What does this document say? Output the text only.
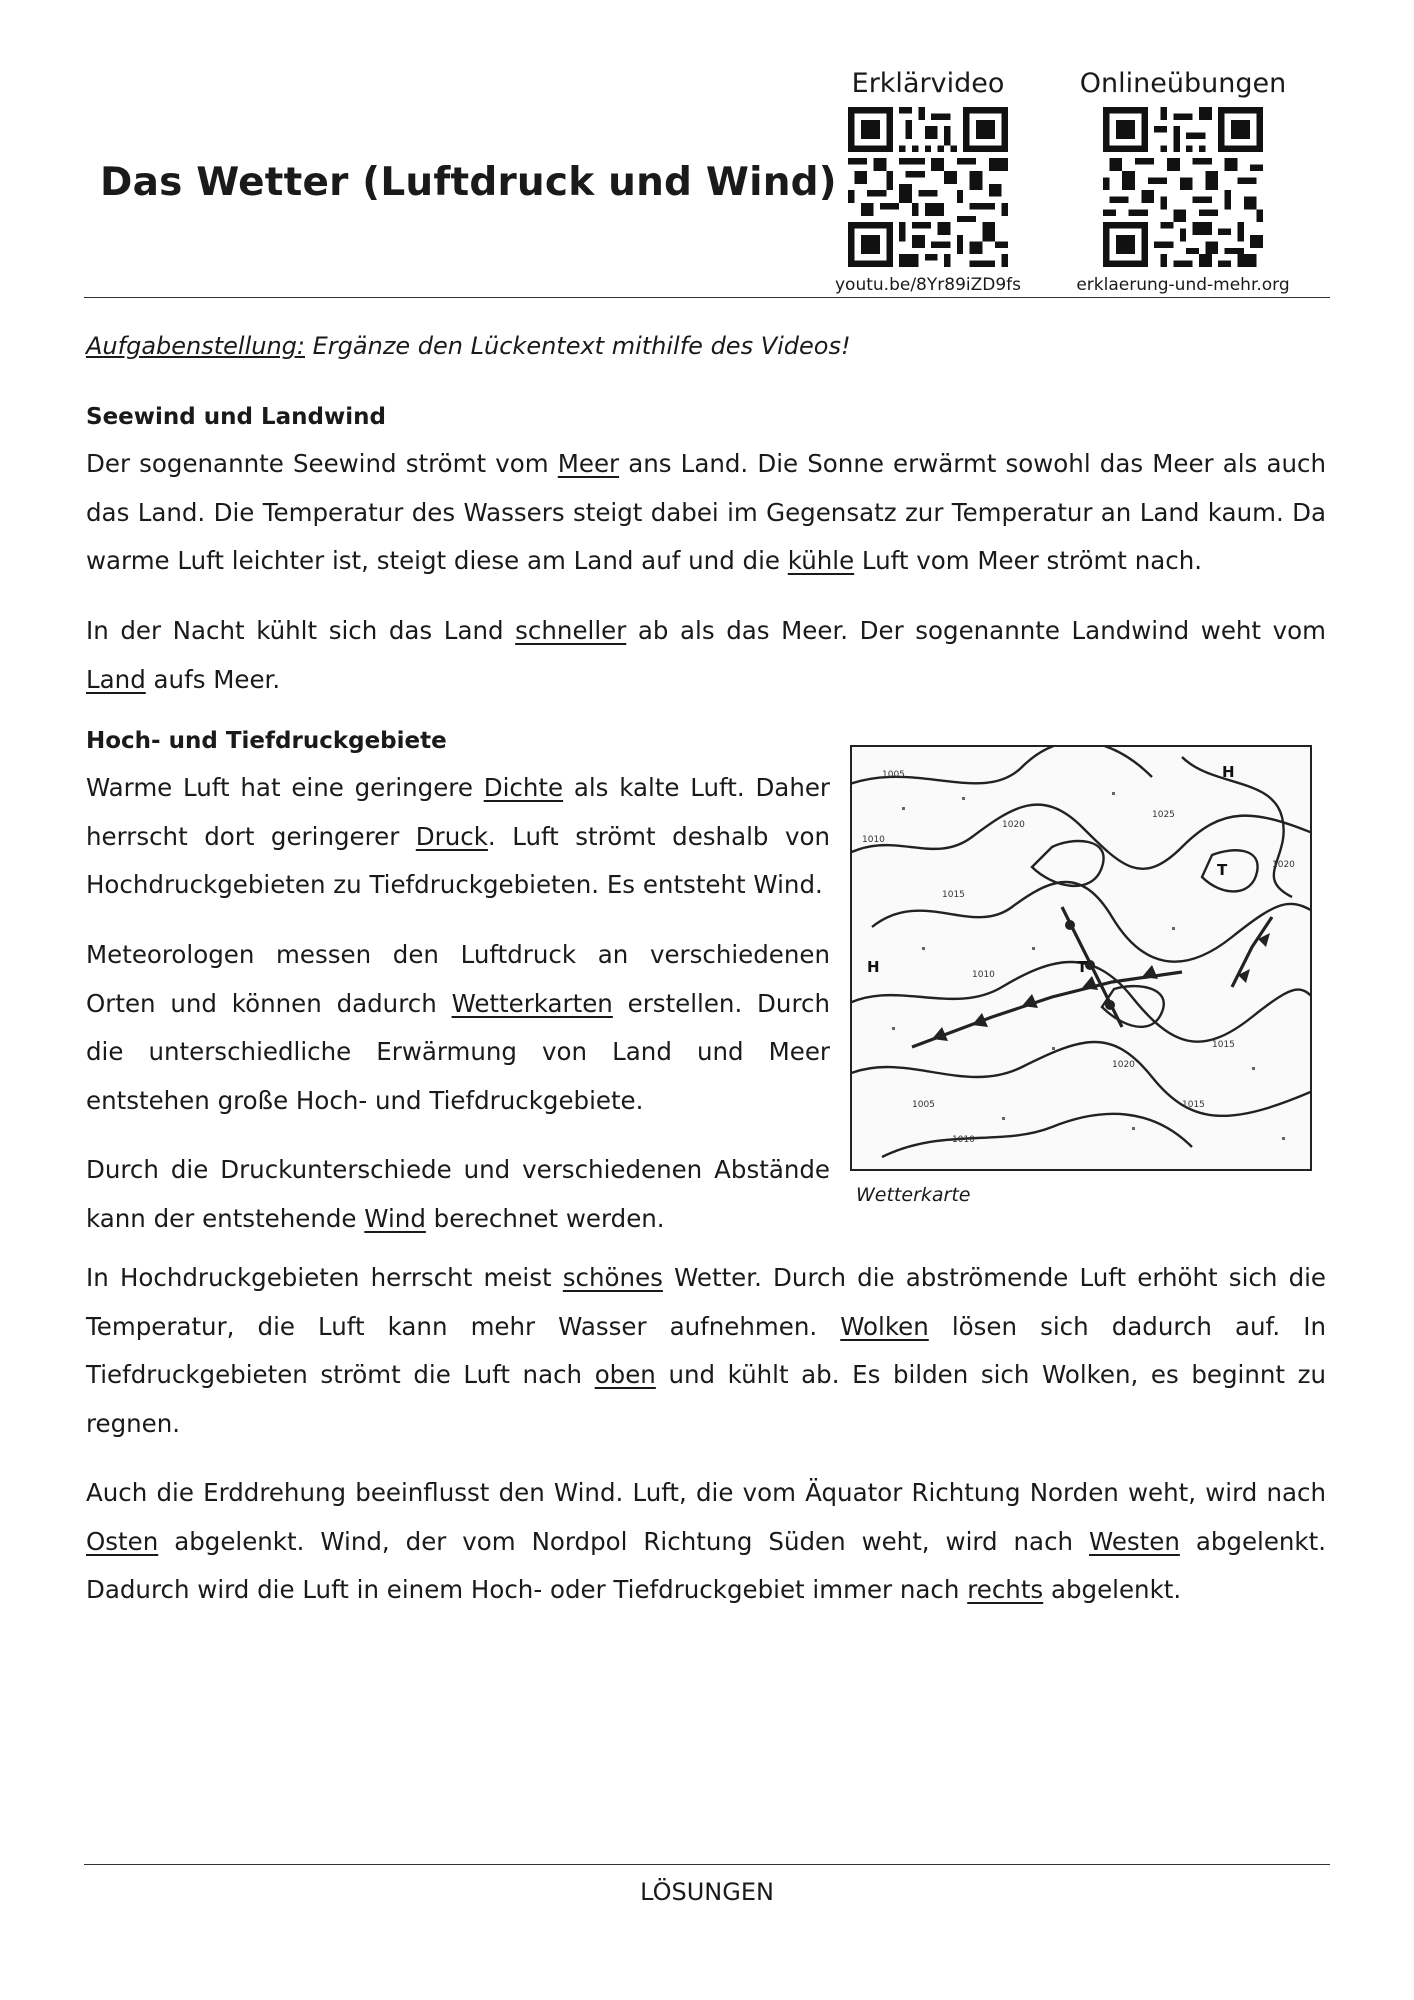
Das Wetter (Luftdruck und Wind)
Erklärvideo
youtu.be/8Yr89iZD9fs
Onlineübungen
erklaerung-und-mehr.org

Aufgabenstellung: Ergänze den Lückentext mithilfe des Videos!

Seewind und Landwind

Der sogenannte Seewind strömt vom Meer ans Land. Die Sonne erwärmt sowohl das Meer als auch das Land. Die Temperatur des Wassers steigt dabei im Gegensatz zur Temperatur an Land kaum. Da warme Luft leichter ist, steigt diese am Land auf und die kühle Luft vom Meer strömt nach.

In der Nacht kühlt sich das Land schneller ab als das Meer. Der sogenannte Landwind weht vom Land aufs Meer.

Hoch- und Tiefdruckgebiete

Warme Luft hat eine geringere Dichte als kalte Luft. Daher herrscht dort geringerer Druck. Luft strömt deshalb von Hochdruckgebieten zu Tiefdruckgebieten. Es entsteht Wind.

Meteorologen messen den Luftdruck an verschiedenen Orten und können dadurch Wetterkarten erstellen. Durch die unterschiedliche Erwärmung von Land und Meer entstehen große Hoch- und Tiefdruckgebiete.

Durch die Druckunterschiede und verschiedenen Abstände kann der entstehende Wind berechnet werden.

1005
1010
1015
1020
1025
1020
1015
1010
1005
1020
1015
1010
H
H
T
T

Wetterkarte

In Hochdruckgebieten herrscht meist schönes Wetter. Durch die abströmende Luft erhöht sich die Temperatur, die Luft kann mehr Wasser aufnehmen. Wolken lösen sich dadurch auf. In Tiefdruckgebieten strömt die Luft nach oben und kühlt ab. Es bilden sich Wolken, es beginnt zu regnen.

Auch die Erddrehung beeinflusst den Wind. Luft, die vom Äquator Richtung Norden weht, wird nach Osten abgelenkt. Wind, der vom Nordpol Richtung Süden weht, wird nach Westen abgelenkt. Dadurch wird die Luft in einem Hoch- oder Tiefdruckgebiet immer nach rechts abgelenkt.

LÖSUNGEN
